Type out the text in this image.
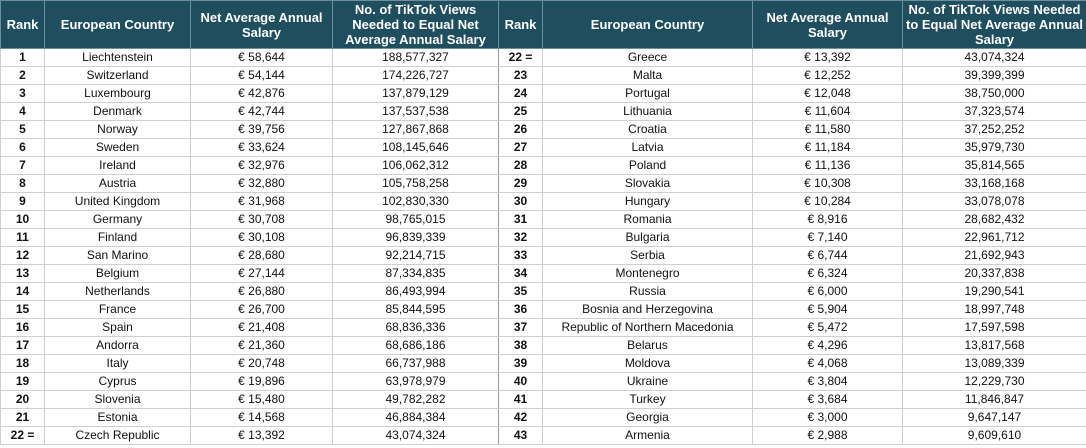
Rank	European Country	Net Average Annual Salary	No. of TikTok Views Needed to Equal Net Average Annual Salary	Rank	European Country	Net Average Annual Salary	No. of TikTok Views Needed to Equal Net Average Annual Salary
1	Liechtenstein	€ 58,644	188,577,327	22 =	Greece	€ 13,392	43,074,324
2	Switzerland	€ 54,144	174,226,727	23	Malta	€ 12,252	39,399,399
3	Luxembourg	€ 42,876	137,879,129	24	Portugal	€ 12,048	38,750,000
4	Denmark	€ 42,744	137,537,538	25	Lithuania	€ 11,604	37,323,574
5	Norway	€ 39,756	127,867,868	26	Croatia	€ 11,580	37,252,252
6	Sweden	€ 33,624	108,145,646	27	Latvia	€ 11,184	35,979,730
7	Ireland	€ 32,976	106,062,312	28	Poland	€ 11,136	35,814,565
8	Austria	€ 32,880	105,758,258	29	Slovakia	€ 10,308	33,168,168
9	United Kingdom	€ 31,968	102,830,330	30	Hungary	€ 10,284	33,078,078
10	Germany	€ 30,708	98,765,015	31	Romania	€ 8,916	28,682,432
11	Finland	€ 30,108	96,839,339	32	Bulgaria	€ 7,140	22,961,712
12	San Marino	€ 28,680	92,214,715	33	Serbia	€ 6,744	21,692,943
13	Belgium	€ 27,144	87,334,835	34	Montenegro	€ 6,324	20,337,838
14	Netherlands	€ 26,880	86,493,994	35	Russia	€ 6,000	19,290,541
15	France	€ 26,700	85,844,595	36	Bosnia and Herzegovina	€ 5,904	18,997,748
16	Spain	€ 21,408	68,836,336	37	Republic of Northern Macedonia	€ 5,472	17,597,598
17	Andorra	€ 21,360	68,686,186	38	Belarus	€ 4,296	13,817,568
18	Italy	€ 20,748	66,737,988	39	Moldova	€ 4,068	13,089,339
19	Cyprus	€ 19,896	63,978,979	40	Ukraine	€ 3,804	12,229,730
20	Slovenia	€ 15,480	49,782,282	41	Turkey	€ 3,684	11,846,847
21	Estonia	€ 14,568	46,884,384	42	Georgia	€ 3,000	9,647,147
22 =	Czech Republic	€ 13,392	43,074,324	43	Armenia	€ 2,988	9,609,610
